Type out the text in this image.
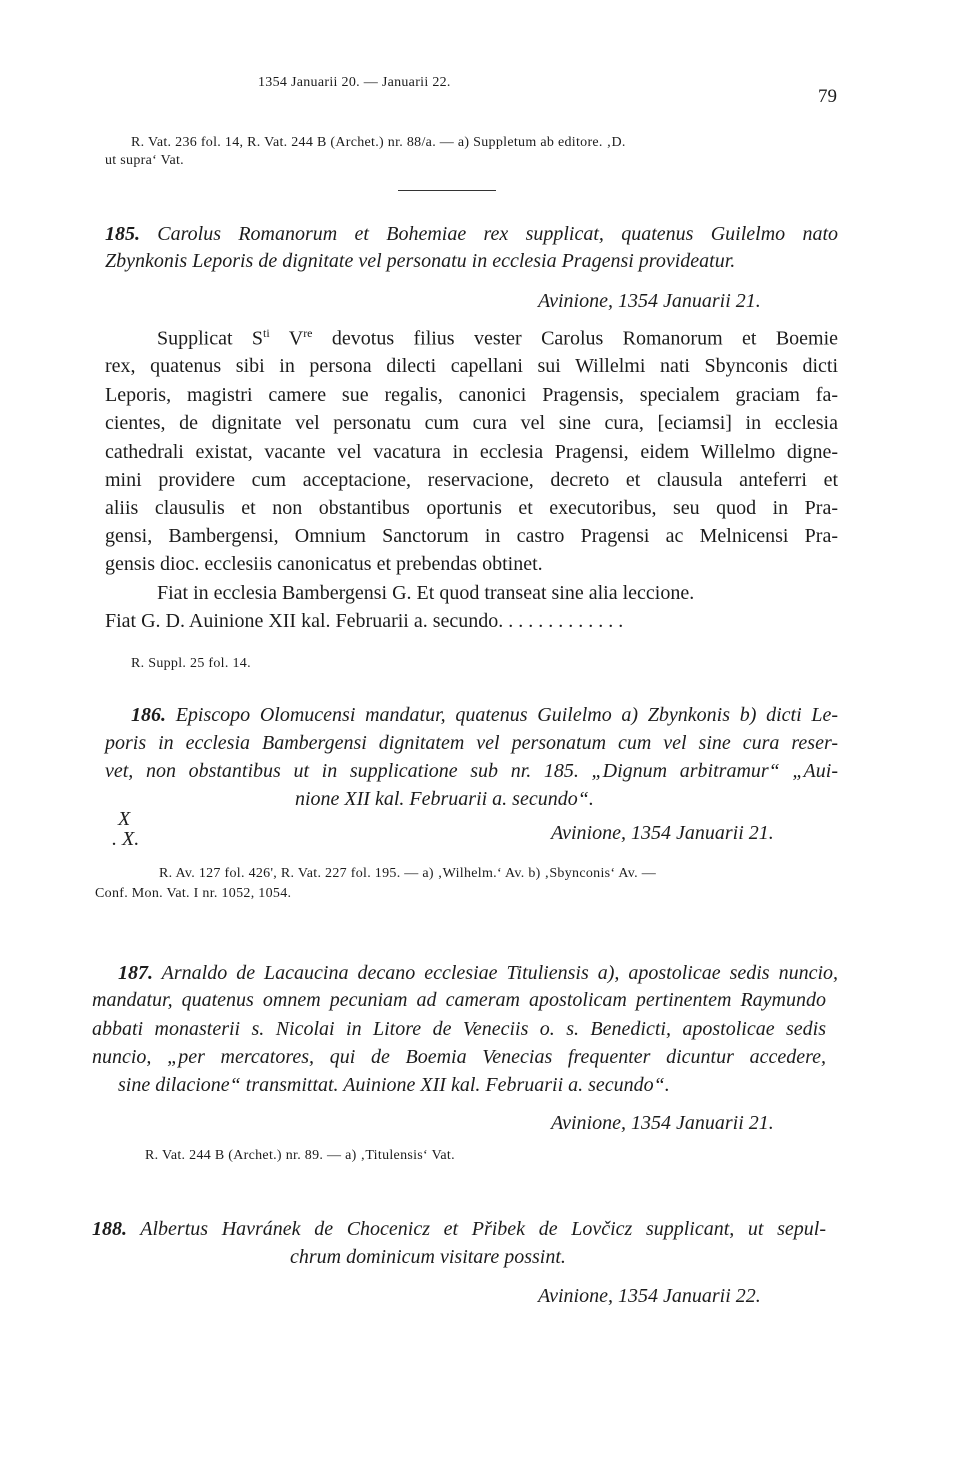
1354 Januarii 20. — Januarii 22.
79
R. Vat. 236 fol. 14, R. Vat. 244 B (Archet.) nr. 88/a. — a) Suppletum ab editore. ‚D.
ut supra‘ Vat.
185. Carolus Romanorum et Bohemiae rex supplicat, quatenus Guilelmo nato
Zbynkonis Leporis de dignitate vel personatu in ecclesia Pragensi provideatur.
Avinione, 1354 Januarii 21.
Supplicat $S^{ti}$ Vre devotus filius vester Carolus Romanorum et Boemie
rex, quatenus sibi in persona dilecti capellani sui Willelmi nati Sbynconis dicti
Leporis, magistri camere sue regalis, canonici Pragensis, specialem graciam fa-
cientes, de dignitate vel personatu cum cura vel sine cura, [eciamsi] in ecclesia
cathedrali existat, vacante vel vacatura in ecclesia Pragensi, eidem Willelmo digne-
mini providere cum acceptacione, reservacione, decreto et clausula anteferri et
aliis clausulis et non obstantibus oportunis et executoribus, seu quod in Pra-
gensi, Bambergensi, Omnium Sanctorum in castro Pragensi ac Melnicensi Pra-
gensis dioc. ecclesiis canonicatus et prebendas obtinet.
Fiat in ecclesia Bambergensi G. Et quod transeat sine alia leccione.
Fiat G. D. Auinione XII kal. Februarii a. secundo. . . . . . . . . . . . .
R. Suppl. 25 fol. 14.
186. Episcopo Olomucensi mandatur, quatenus Guilelmo a) Zbynkonis b) dicti Le-
poris in ecclesia Bambergensi dignitatem vel personatum cum vel sine cura reser-
vet, non obstantibus ut in supplicatione sub nr. 185. „Dignum arbitramur“ „Aui-
nione XII kal. Februarii a. secundo“.
X
. X.	Avinione, 1354 Januarii 21.
R. Av. 127 fol. 426', R. Vat. 227 fol. 195. — a) ‚Wilhelm.‘ Av. b) ‚Sbynconis‘ Av. —
Conf. Mon. Vat. I nr. 1052, 1054.
187. Arnaldo de Lacaucina decano ecclesiae Tituliensis a), apostolicae sedis nuncio,
mandatur, quatenus omnem pecuniam ad cameram apostolicam pertinentem Raymundo
abbati monasterii s. Nicolai in Litore de Veneciis o. s. Benedicti, apostolicae sedis
nuncio, „per mercatores, qui de Boemia Venecias frequenter dicuntur accedere,
sine dilacione“ transmittat. Auinione XII kal. Februarii a. secundo“.
Avinione, 1354 Januarii 21.
R. Vat. 244 B (Archet.) nr. 89. — a) ‚Titulensis‘ Vat.
188. Albertus Havránek de Chocenicz et Přibek de Lovčicz supplicant, ut sepul-
chrum dominicum visitare possint.
Avinione, 1354 Januarii 22.
